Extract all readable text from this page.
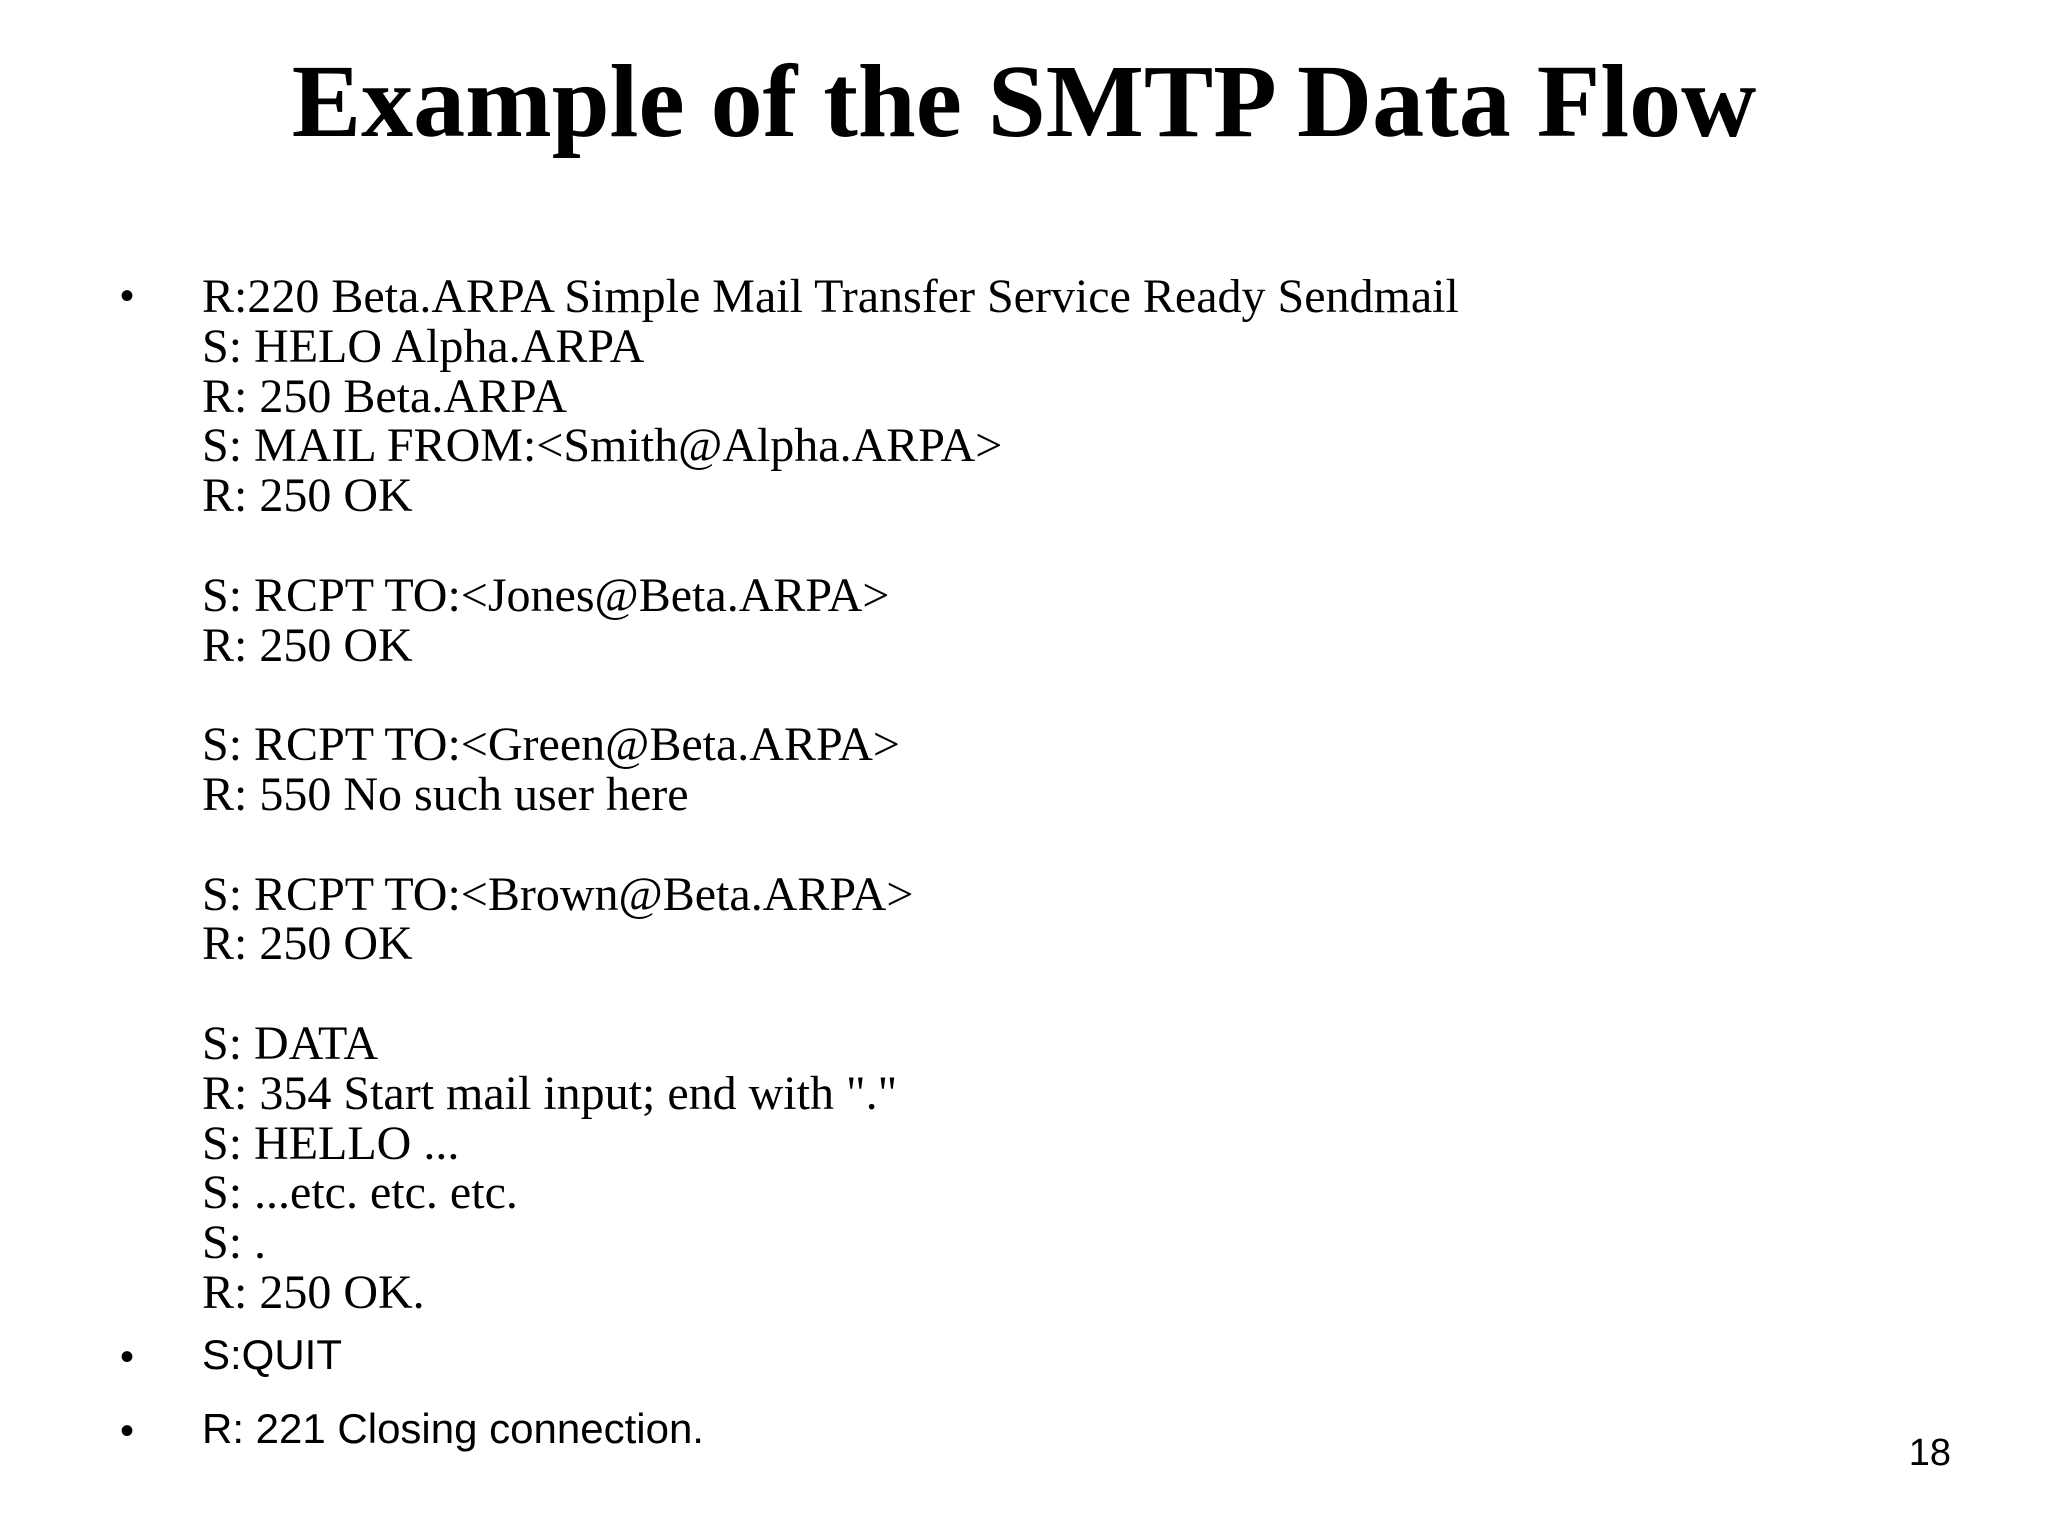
Example of the SMTP Data Flow
•	R:220 Beta.ARPA Simple Mail Transfer Service Ready Sendmail
S: HELO Alpha.ARPA
R: 250 Beta.ARPA
S: MAIL FROM:<Smith@Alpha.ARPA>
R: 250 OK
S: RCPT TO:<Jones@Beta.ARPA>
R: 250 OK
S: RCPT TO:<Green@Beta.ARPA>
R: 550 No such user here
S: RCPT TO:<Brown@Beta.ARPA>
R: 250 OK
S: DATA
R: 354 Start mail input; end with "."
S: HELLO ...
S: ...etc. etc. etc.
S: .
R: 250 OK.
•	S:QUIT
•	R: 221 Closing connection.
18
